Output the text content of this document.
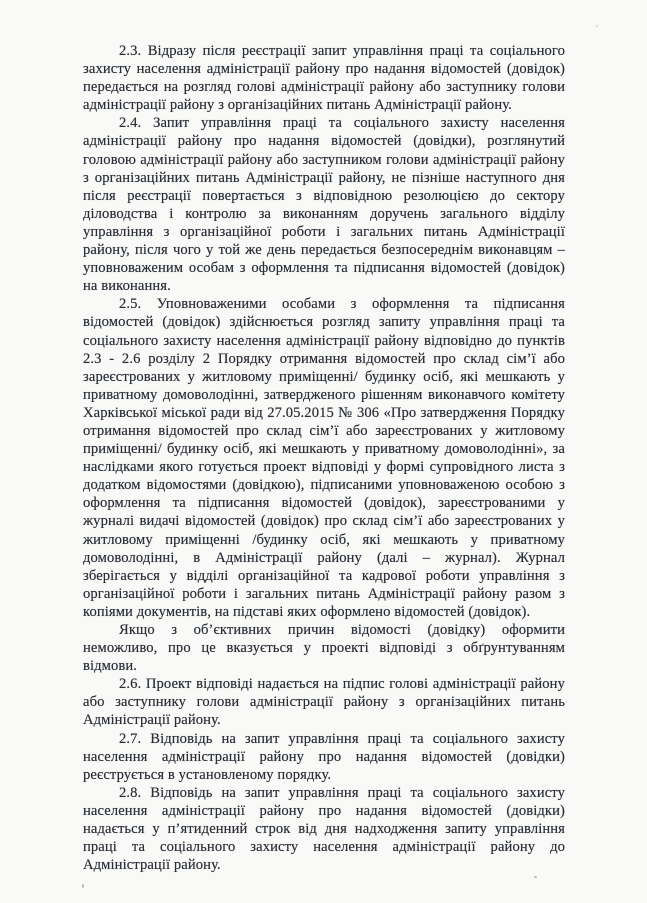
2.3. Відразу після реєстрації запит управління праці та соціального захисту населення адміністрації району про надання відомостей (довідок) передається на розгляд голові адміністрації району або заступнику голови адміністрації району з організаційних питань Адміністрації району.

2.4. Запит управління праці та соціального захисту населення адміністрації району про надання відомостей (довідки), розглянутий головою адміністрації району або заступником голови адміністрації району з організаційних питань Адміністрації району, не пізніше наступного дня після реєстрації повертається з відповідною резолюцією до сектору діловодства і контролю за виконанням доручень загального відділу управління з організаційної роботи і загальних питань Адміністрації району, після чого у той же день передається безпосереднім виконавцям – уповноваженим особам з оформлення та підписання відомостей (довідок) на виконання.

2.5. Уповноваженими особами з оформлення та підписання відомостей (довідок) здійснюється розгляд запиту управління праці та соціального захисту населення адміністрації району відповідно до пунктів 2.3 - 2.6 розділу 2 Порядку отримання відомостей про склад сім’ї або зареєстрованих у житловому приміщенні/ будинку осіб, які мешкають у приватному домоволодінні, затвердженого рішенням виконавчого комітету Харківської міської ради від 27.05.2015 № 306 «Про затвердження Порядку отримання відомостей про склад сім’ї або зареєстрованих у житловому приміщенні/ будинку осіб, які мешкають у приватному домоволодінні», за наслідками якого готується проект відповіді у формі супровідного листа з додатком відомостями (довідкою), підписаними уповноваженою особою з оформлення та підписання відомостей (довідок), зареєстрованими у журналі видачі відомостей (довідок) про склад сім’ї або зареєстрованих у житловому приміщенні /будинку осіб, які мешкають у приватному домоволодінні, в Адміністрації району (далі – журнал). Журнал зберігається у відділі організаційної та кадрової роботи управління з організаційної роботи і загальних питань Адміністрації району разом з копіями документів, на підставі яких оформлено відомостей (довідок).

Якщо з об’єктивних причин відомості (довідку) оформити неможливо, про це вказується у проекті відповіді з обґрунтуванням відмови.

2.6. Проект відповіді надається на підпис голові адміністрації району або заступнику голови адміністрації району з організаційних питань Адміністрації району.

2.7. Відповідь на запит управління праці та соціального захисту населення адміністрації району про надання відомостей (довідки) реєструється в установленому порядку.

2.8. Відповідь на запит управління праці та соціального захисту населення адміністрації району про надання відомостей (довідки) надається у п’ятиденний строк від дня надходження запиту управління праці та соціального захисту населення адміністрації району до Адміністрації району.
